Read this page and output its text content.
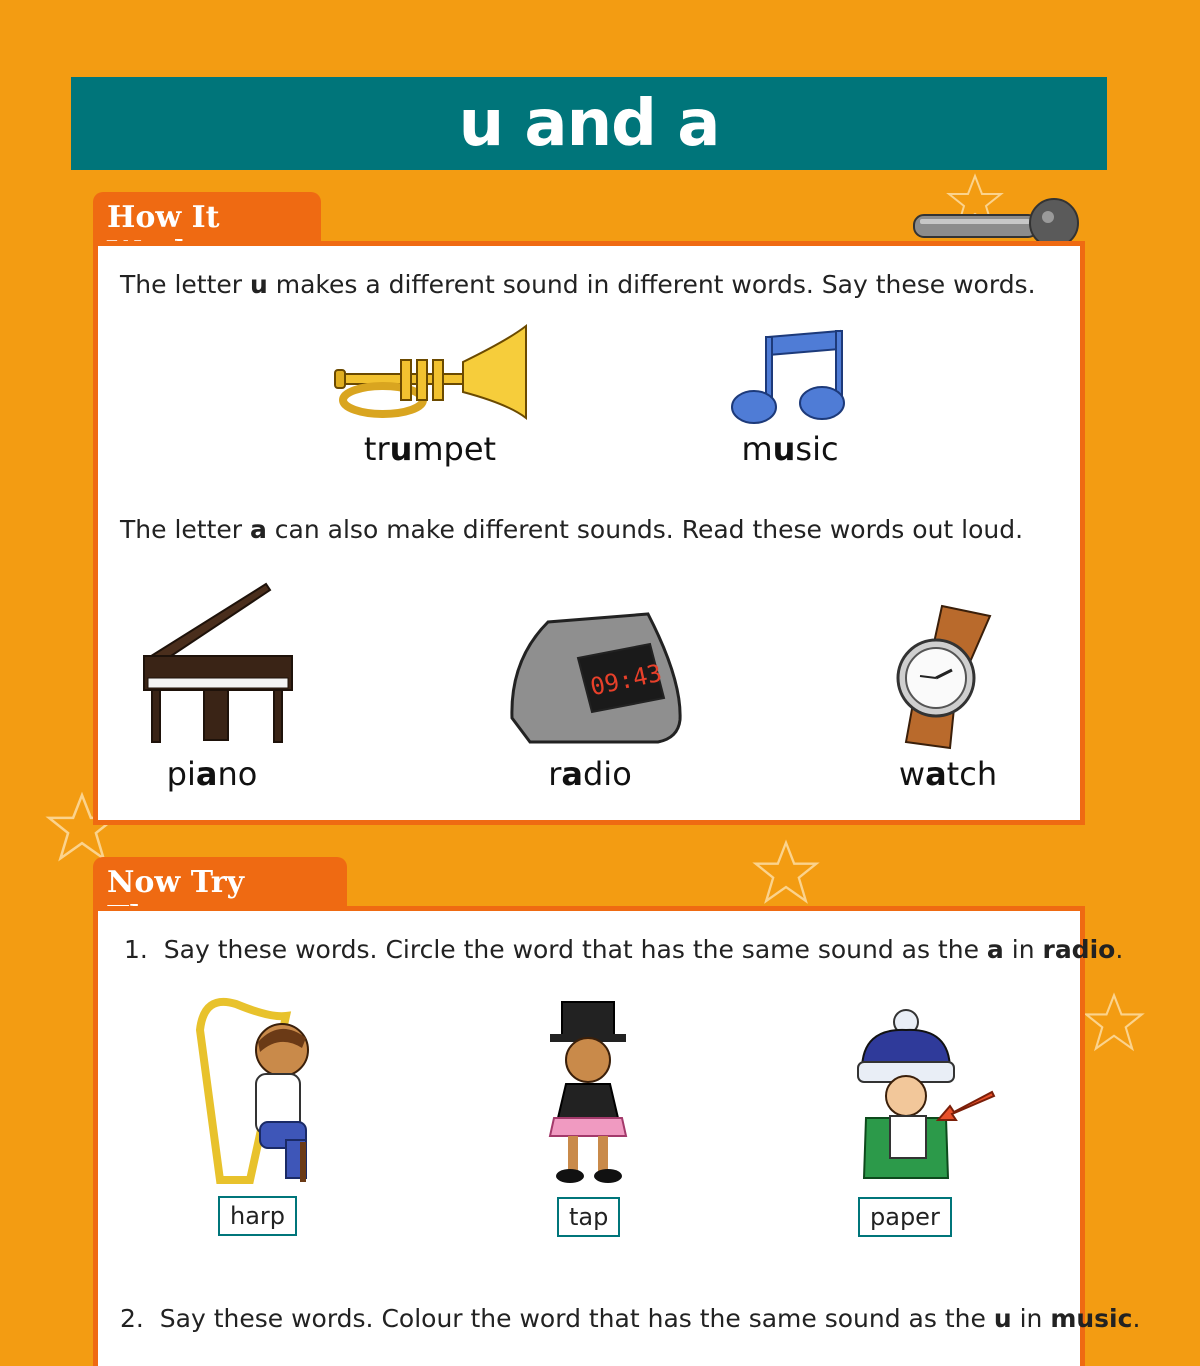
u and a
How It
The letter u makes a different sound in different words. Say these words.
trumpet	music
The letter a can also make different sounds. Read these words out loud.
piano
09:43
radio	watch
Now Try
1. Say these words. Circle the word that has the same sound as the a in radio.
harp	tap	paper
2. Say these words. Colour the word that has the same sound as the u in music.
